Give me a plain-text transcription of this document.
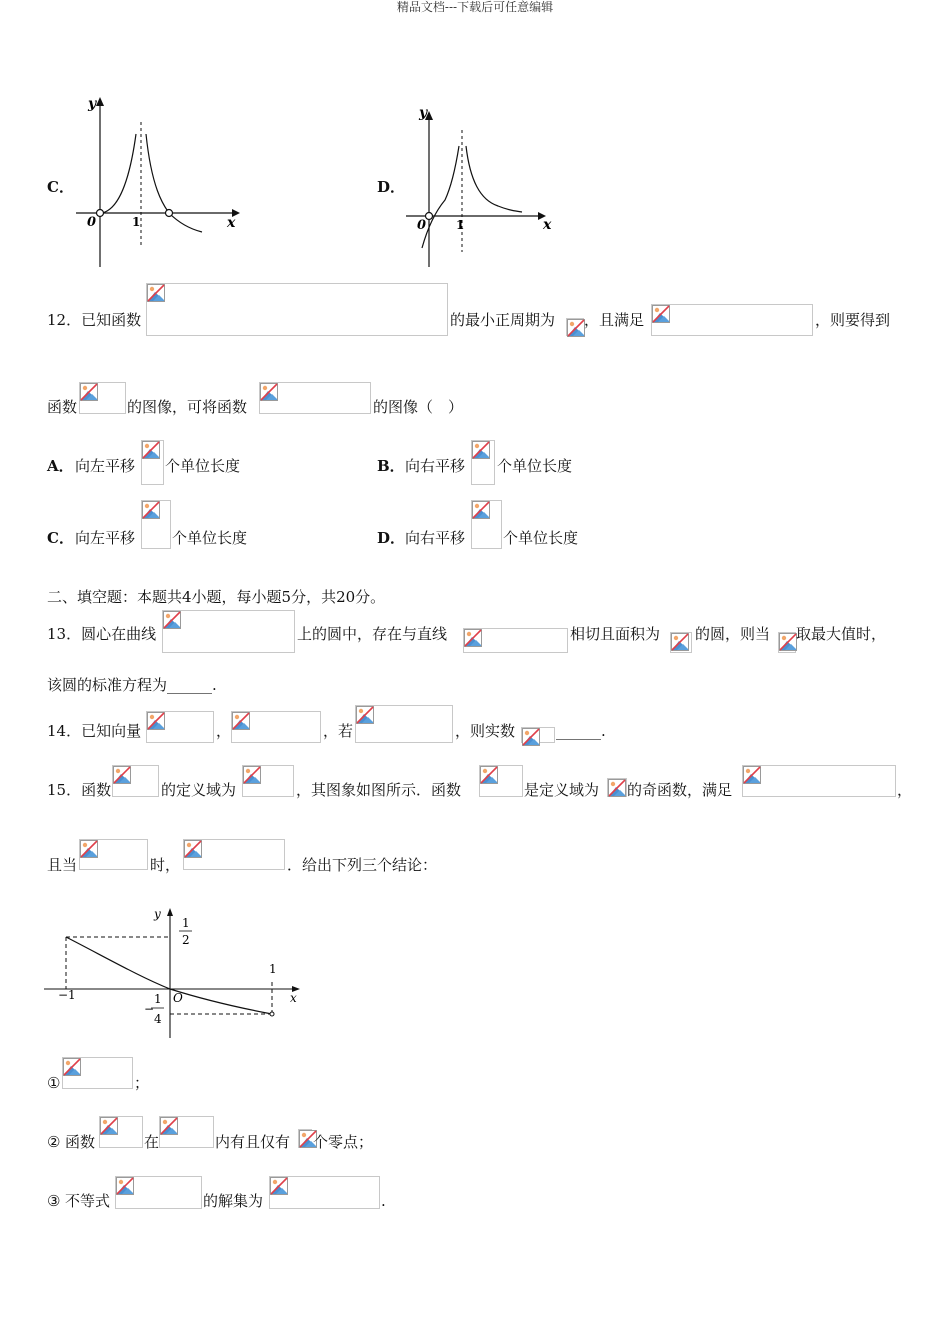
精品文档---下载后可任意编辑
C．
y
x
0	1
D．
y
x
0 1
12．已知函数	的最小正周期为 ，且满足	，则要得到
函数	的图像，可将函数	的图像（　）
A． 向左平移 个单位长度	B． 向右平移 个单位长度
C． 向左平移 个单位长度	D． 向右平移	个单位长度
二、填空题：本题共4小题，每小题5分，共20分。
13．圆心在曲线	上的圆中，存在与直线	相切且面积为 的圆，则当 取最大值时，
该圆的标准方程为______.
14．已知向量	，	，若	，则实数	______.
15．函数	的定义域为	，其图象如图所示．函数	是定义域为 的奇函数，满足	，
且当	时，	．给出下列三个结论：
y
x
O
1
2
−1
1
−
1
4
①	；
② 函数	在	内有且仅有 个零点；
③ 不等式	的解集为	.
